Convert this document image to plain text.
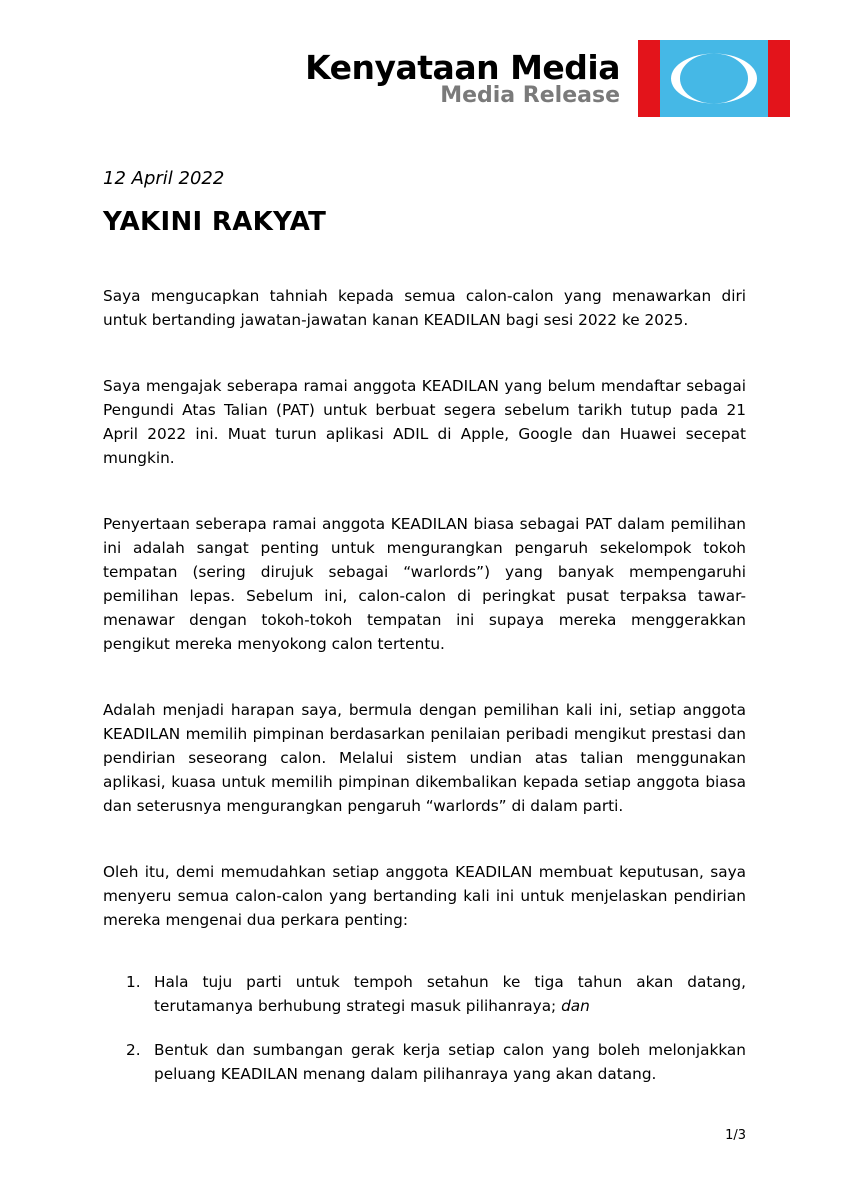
Kenyataan Media
Media Release

12 April 2022

YAKINI RAKYAT

Saya mengucapkan tahniah kepada semua calon-calon yang menawarkan diri untuk bertanding jawatan-jawatan kanan KEADILAN bagi sesi 2022 ke 2025.

Saya mengajak seberapa ramai anggota KEADILAN yang belum mendaftar sebagai Pengundi Atas Talian (PAT) untuk berbuat segera sebelum tarikh tutup pada 21 April 2022 ini. Muat turun aplikasi ADIL di Apple, Google dan Huawei secepat mungkin.

Penyertaan seberapa ramai anggota KEADILAN biasa sebagai PAT dalam pemilihan ini adalah sangat penting untuk mengurangkan pengaruh sekelompok tokoh tempatan (sering dirujuk sebagai “warlords”) yang banyak mempengaruhi pemilihan lepas. Sebelum ini, calon-calon di peringkat pusat terpaksa tawar-menawar dengan tokoh-tokoh tempatan ini supaya mereka menggerakkan pengikut mereka menyokong calon tertentu.

Adalah menjadi harapan saya, bermula dengan pemilihan kali ini, setiap anggota KEADILAN memilih pimpinan berdasarkan penilaian peribadi mengikut prestasi dan pendirian seseorang calon. Melalui sistem undian atas talian menggunakan aplikasi, kuasa untuk memilih pimpinan dikembalikan kepada setiap anggota biasa dan seterusnya mengurangkan pengaruh “warlords” di dalam parti.

Oleh itu, demi memudahkan setiap anggota KEADILAN membuat keputusan, saya menyeru semua calon-calon yang bertanding kali ini untuk menjelaskan pendirian mereka mengenai dua perkara penting:

1. Hala tuju parti untuk tempoh setahun ke tiga tahun akan datang, terutamanya berhubung strategi masuk pilihanraya; dan
2. Bentuk dan sumbangan gerak kerja setiap calon yang boleh melonjakkan peluang KEADILAN menang dalam pilihanraya yang akan datang.
1/3
